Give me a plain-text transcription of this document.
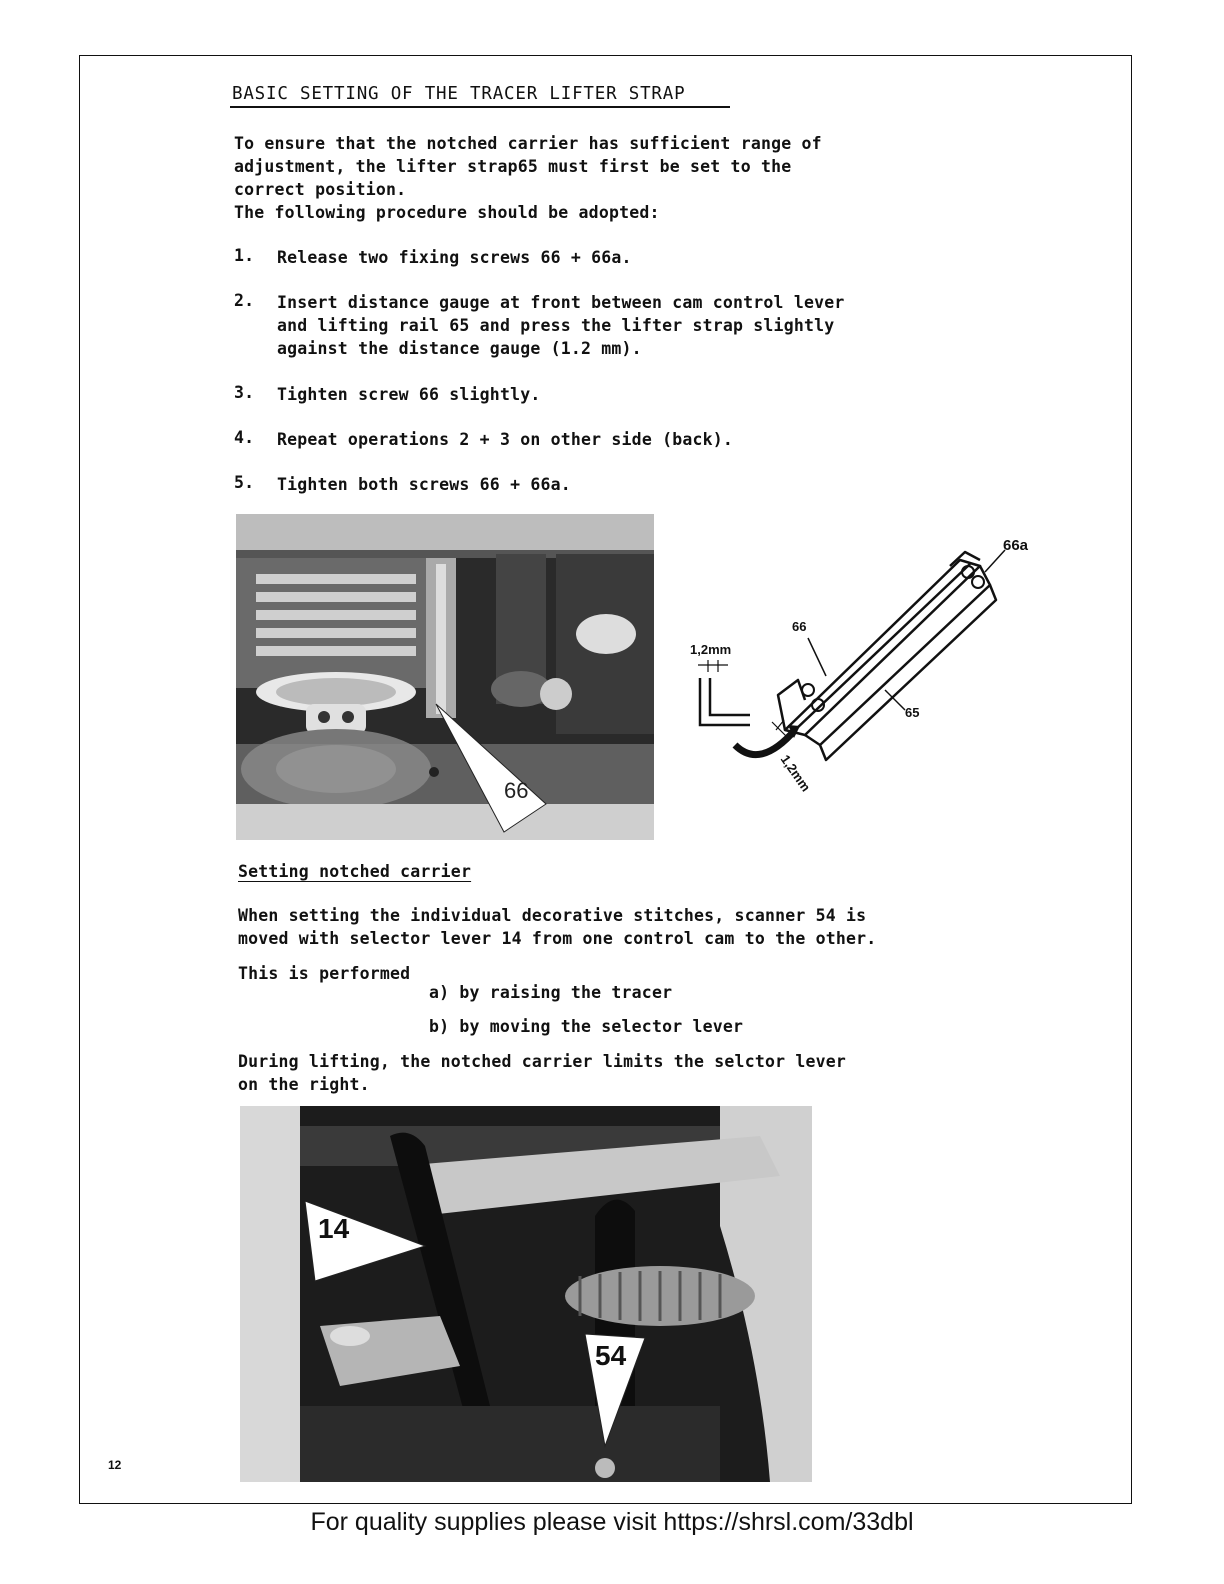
BASIC SETTING OF THE TRACER LIFTER STRAP
To ensure that the notched carrier has sufficient range of
adjustment, the lifter strap65 must first be set to the
correct position.
The following procedure should be adopted:
1. Release two fixing screws 66 + 66a.
2. Insert distance gauge at front between cam control lever
and lifting rail 65 and press the lifter strap slightly
against the distance gauge (1.2 mm).
3. Tighten screw 66 slightly.
4. Repeat operations 2 + 3 on other side (back).
5. Tighten both screws 66 + 66a.
66
66a
66
65
1,2mm
1,2mm
Setting notched carrier
When setting the individual decorative stitches, scanner 54 is
moved with selector lever 14 from one control cam to the other.
This is performed
a) by raising the tracer
b) by moving the selector lever
During lifting, the notched carrier limits the selctor lever
on the right.
14
54
12
For quality supplies please visit https://shrsl.com/33dbl
